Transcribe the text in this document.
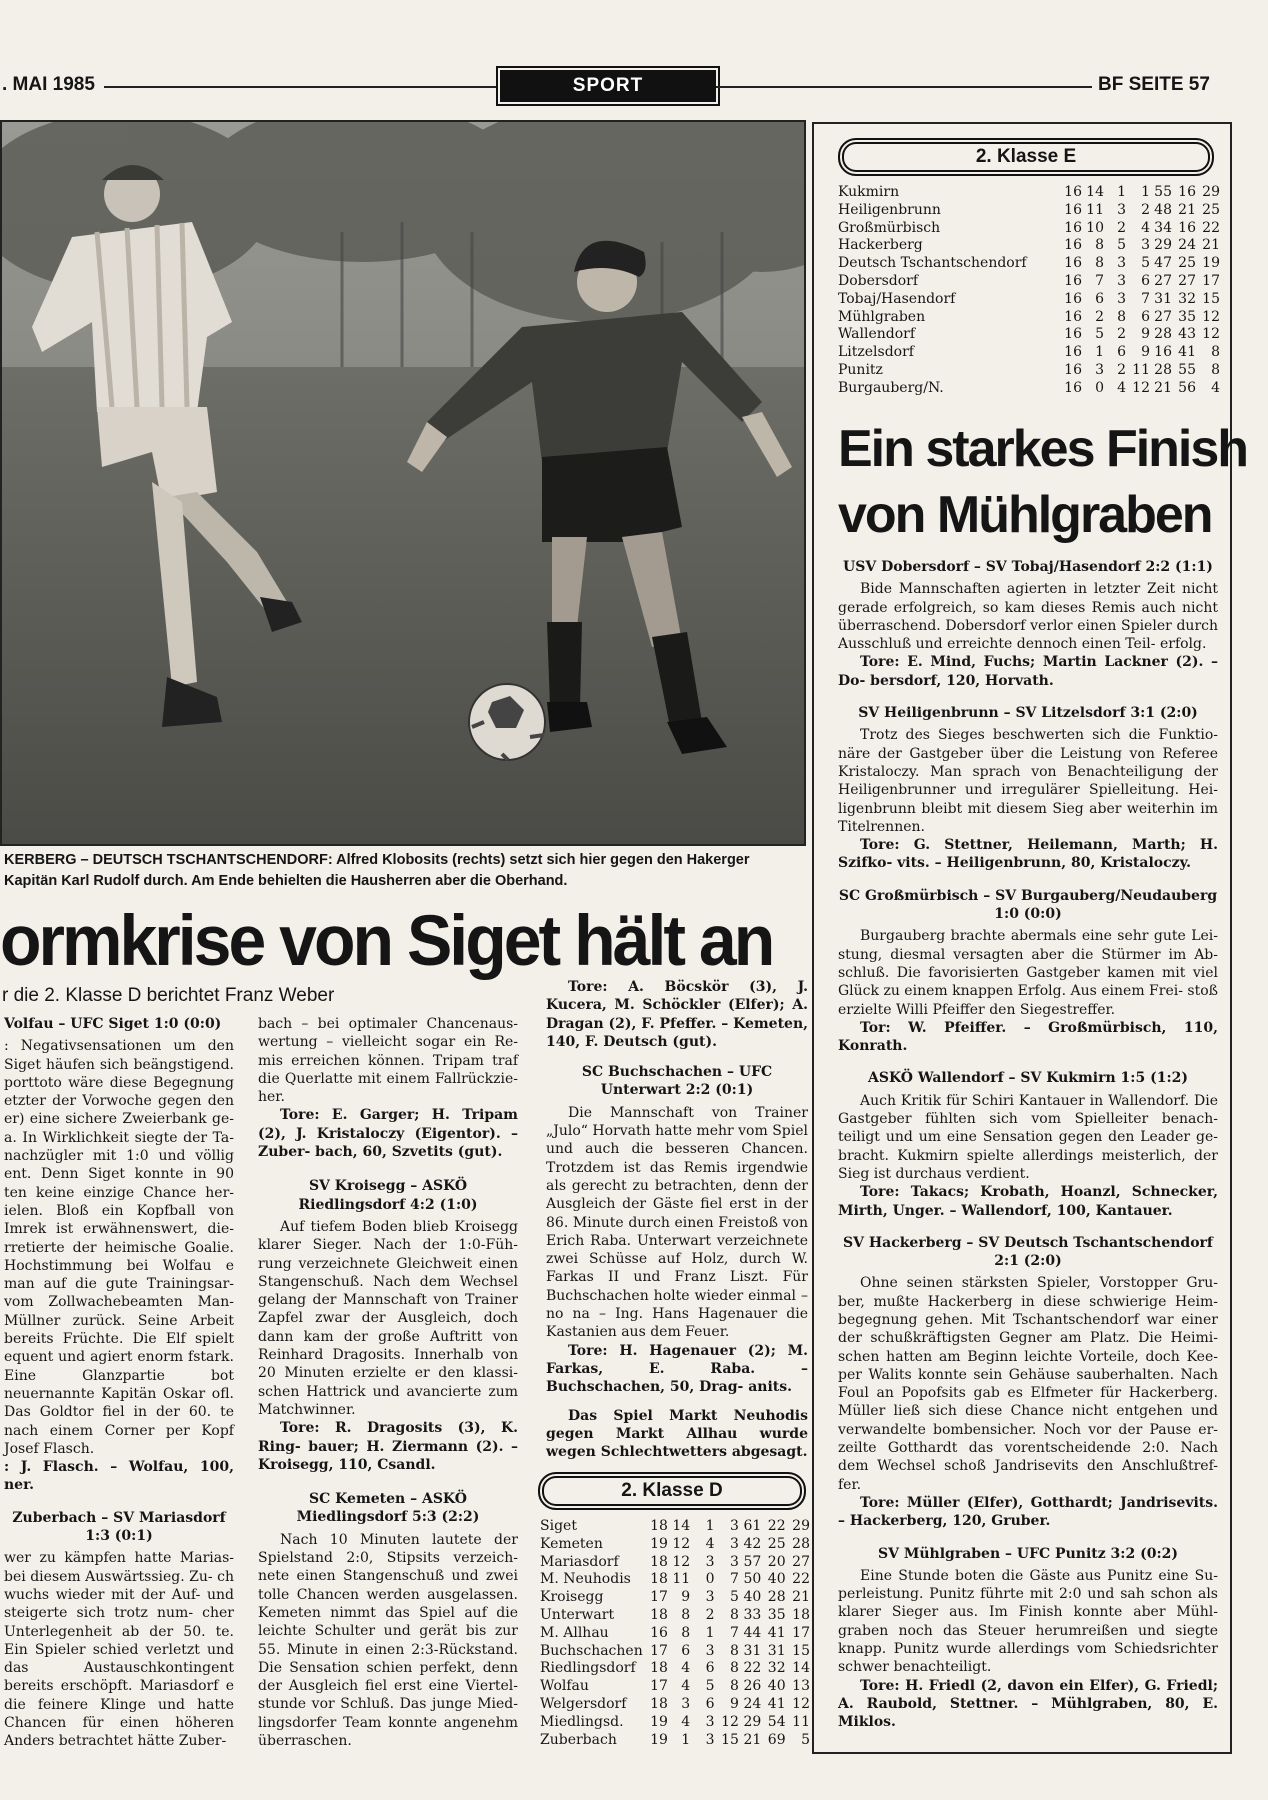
. MAI 1985	SPORT	BF SEITE 57
KERBERG – DEUTSCH TSCHANTSCHENDORF: Alfred Klobosits (rechts) setzt sich hier gegen den Hakerger Kapitän Karl Rudolf durch. Am Ende behielten die Hausherren aber die Oberhand.
ormkrise von Siget hält an
r die 2. Klasse D berichtet Franz Weber

Volfau – UFC Siget 1:0 (0:0)

: Negativsensationen um den Siget häufen sich beängstigend. porttoto wäre diese Begegnung etzter der Vorwoche gegen den er) eine sichere Zweierbank ge- a. In Wirklichkeit siegte der Ta- nachzügler mit 1:0 und völlig ent. Denn Siget konnte in 90 ten keine einzige Chance her- ielen. Bloß ein Kopfball von Imrek ist erwähnenswert, die- rretierte der heimische Goalie. Hochstimmung bei Wolfau e man auf die gute Trainingsar- vom Zollwachebeamten Man- Müllner zurück. Seine Arbeit bereits Früchte. Die Elf spielt equent und agiert enorm fstark. Eine Glanzpartie bot neuernannte Kapitän Oskar ofl. Das Goldtor fiel in der 60. te nach einem Corner per Kopf Josef Flasch.

: J. Flasch. – Wolfau, 100, ner.

Zuberbach – SV Mariasdorf 1:3 (0:1)

wer zu kämpfen hatte Marias- bei diesem Auswärtssieg. Zu- ch wuchs wieder mit der Auf- und steigerte sich trotz num- cher Unterlegenheit ab der 50. te. Ein Spieler schied verletzt und das Austauschkontingent bereits erschöpft. Mariasdorf e die feinere Klinge und hatte Chancen für einen höheren Anders betrachtet hätte Zuber-

bach – bei optimaler Chancenaus- wertung – vielleicht sogar ein Re- mis erreichen können. Tripam traf die Querlatte mit einem Fallrückzie- her.

Tore: E. Garger; H. Tripam (2), J. Kristaloczy (Eigentor). – Zuber- bach, 60, Szvetits (gut).

SV Kroisegg – ASKÖ Riedlingsdorf 4:2 (1:0)

Auf tiefem Boden blieb Kroisegg klarer Sieger. Nach der 1:0-Füh- rung verzeichnete Gleichweit einen Stangenschuß. Nach dem Wechsel gelang der Mannschaft von Trainer Zapfel zwar der Ausgleich, doch dann kam der große Auftritt von Reinhard Dragosits. Innerhalb von 20 Minuten erzielte er den klassi- schen Hattrick und avancierte zum Matchwinner.

Tore: R. Dragosits (3), K. Ring- bauer; H. Ziermann (2). – Kroisegg, 110, Csandl.

SC Kemeten – ASKÖ Miedlingsdorf 5:3 (2:2)

Nach 10 Minuten lautete der Spielstand 2:0, Stipsits verzeich- nete einen Stangenschuß und zwei tolle Chancen werden ausgelassen. Kemeten nimmt das Spiel auf die leichte Schulter und gerät bis zur 55. Minute in einen 2:3-Rückstand. Die Sensation schien perfekt, denn der Ausgleich fiel erst eine Viertel- stunde vor Schluß. Das junge Mied- lingsdorfer Team konnte angenehm überraschen.

Tore: A. Böcskör (3), J. Kucera, M. Schöckler (Elfer); A. Dragan (2), F. Pfeffer. – Kemeten, 140, F. Deutsch (gut).

SC Buchschachen – UFC Unterwart 2:2 (0:1)

Die Mannschaft von Trainer „Julo“ Horvath hatte mehr vom Spiel und auch die besseren Chancen. Trotzdem ist das Remis irgendwie als gerecht zu betrachten, denn der Ausgleich der Gäste fiel erst in der 86. Minute durch einen Freistoß von Erich Raba. Unterwart verzeichnete zwei Schüsse auf Holz, durch W. Farkas II und Franz Liszt. Für Buchschachen holte wieder einmal – no na – Ing. Hans Hagenauer die Kastanien aus dem Feuer.

Tore: H. Hagenauer (2); M. Farkas, E. Raba. – Buchschachen, 50, Drag- anits.

Das Spiel Markt Neuhodis gegen Markt Allhau wurde wegen Schlechtwetters abgesagt.

2. Klasse D
Siget	18	14	1	3	61	22	29
Kemeten	19	12	4	3	42	25	28
Mariasdorf	18	12	3	3	57	20	27
M. Neuhodis	18	11	0	7	50	40	22
Kroisegg	17	9	3	5	40	28	21
Unterwart	18	8	2	8	33	35	18
M. Allhau	16	8	1	7	44	41	17
Buchschachen	17	6	3	8	31	31	15
Riedlingsdorf	18	4	6	8	22	32	14
Wolfau	17	4	5	8	26	40	13
Welgersdorf	18	3	6	9	24	41	12
Miedlingsd.	19	4	3	12	29	54	11
Zuberbach	19	1	3	15	21	69	5
2. Klasse E
Kukmirn	16	14	1	1	55	16	29
Heiligenbrunn	16	11	3	2	48	21	25
Großmürbisch	16	10	2	4	34	16	22
Hackerberg	16	8	5	3	29	24	21
Deutsch Tschantschendorf	16	8	3	5	47	25	19
Dobersdorf	16	7	3	6	27	27	17
Tobaj/Hasendorf	16	6	3	7	31	32	15
Mühlgraben	16	2	8	6	27	35	12
Wallendorf	16	5	2	9	28	43	12
Litzelsdorf	16	1	6	9	16	41	8
Punitz	16	3	2	11	28	55	8
Burgauberg/N.	16	0	4	12	21	56	4
Ein starkes Finish
von Mühlgraben

USV Dobersdorf – SV Tobaj/Hasendorf 2:2 (1:1)

Bide Mannschaften agierten in letzter Zeit nicht gerade erfolgreich, so kam dieses Remis auch nicht überraschend. Dobersdorf verlor einen Spieler durch Ausschluß und erreichte dennoch einen Teil- erfolg.

Tore: E. Mind, Fuchs; Martin Lackner (2). – Do- bersdorf, 120, Horvath.

SV Heiligenbrunn – SV Litzelsdorf 3:1 (2:0)

Trotz des Sieges beschwerten sich die Funktio- näre der Gastgeber über die Leistung von Referee Kristaloczy. Man sprach von Benachteiligung der Heiligenbrunner und irregulärer Spielleitung. Hei- ligenbrunn bleibt mit diesem Sieg aber weiterhin im Titelrennen.

Tore: G. Stettner, Heilemann, Marth; H. Szifko- vits. – Heiligenbrunn, 80, Kristaloczy.

SC Großmürbisch – SV Burgauberg/Neudauberg 1:0 (0:0)

Burgauberg brachte abermals eine sehr gute Lei- stung, diesmal versagten aber die Stürmer im Ab- schluß. Die favorisierten Gastgeber kamen mit viel Glück zu einem knappen Erfolg. Aus einem Frei- stoß erzielte Willi Pfeiffer den Siegestreffer.

Tor: W. Pfeiffer. – Großmürbisch, 110, Konrath.

ASKÖ Wallendorf – SV Kukmirn 1:5 (1:2)

Auch Kritik für Schiri Kantauer in Wallendorf. Die Gastgeber fühlten sich vom Spielleiter benach- teiligt und um eine Sensation gegen den Leader ge- bracht. Kukmirn spielte allerdings meisterlich, der Sieg ist durchaus verdient.

Tore: Takacs; Krobath, Hoanzl, Schnecker, Mirth, Unger. – Wallendorf, 100, Kantauer.

SV Hackerberg – SV Deutsch Tschantschendorf 2:1 (2:0)

Ohne seinen stärksten Spieler, Vorstopper Gru- ber, mußte Hackerberg in diese schwierige Heim- begegnung gehen. Mit Tschantschendorf war einer der schußkräftigsten Gegner am Platz. Die Heimi- schen hatten am Beginn leichte Vorteile, doch Kee- per Walits konnte sein Gehäuse sauberhalten. Nach Foul an Popofsits gab es Elfmeter für Hackerberg. Müller ließ sich diese Chance nicht entgehen und verwandelte bombensicher. Noch vor der Pause er- zeilte Gotthardt das vorentscheidende 2:0. Nach dem Wechsel schoß Jandrisevits den Anschlußtref- fer.

Tore: Müller (Elfer), Gotthardt; Jandrisevits. – Hackerberg, 120, Gruber.

SV Mühlgraben – UFC Punitz 3:2 (0:2)

Eine Stunde boten die Gäste aus Punitz eine Su- perleistung. Punitz führte mit 2:0 und sah schon als klarer Sieger aus. Im Finish konnte aber Mühl- graben noch das Steuer herumreißen und siegte knapp. Punitz wurde allerdings vom Schiedsrichter schwer benachteiligt.

Tore: H. Friedl (2, davon ein Elfer), G. Friedl; A. Raubold, Stettner. – Mühlgraben, 80, E. Miklos.
